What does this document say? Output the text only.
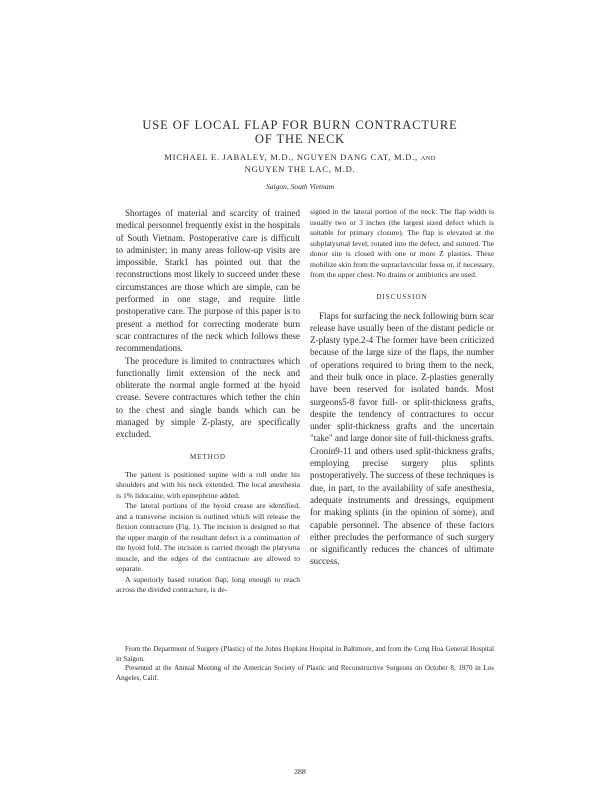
USE OF LOCAL FLAP FOR BURN CONTRACTURE
OF THE NECK
MICHAEL E. JABALEY, M.D., NGUYEN DANG CAT, M.D., AND
NGUYEN THE LAC, M.D.
Saigon, South Vietnam

Shortages of material and scarcity of trained medical personnel frequently exist in the hospitals of South Vietnam. Postoperative care is difficult to administer; in many areas follow-up visits are impossible. Stark1 has pointed out that the reconstructions most likely to succeed under these circumstances are those which are simple, can be performed in one stage, and require little postoperative care. The purpose of this paper is to present a method for correcting moderate burn scar contractures of the neck which follows these recommendations.

The procedure is limited to contractures which functionally limit extension of the neck and obliterate the normal angle formed at the hyoid crease. Severe contractures which tether the chin to the chest and single bands which can be managed by simple Z-plasty, are specifically excluded.

METHOD

The patient is positioned supine with a roll under his shoulders and with his neck extended. The local anesthesia is 1% lidocaine, with epinephrine added.

The lateral portions of the hyoid crease are identified, and a transverse incision is outlined which will release the flexion contracture (Fig. 1). The incision is designed so that the upper margin of the resultant defect is a continuation of the hyoid fold. The incision is carried through the platysma muscle, and the edges of the contracture are allowed to separate.

A superiorly based rotation flap, long enough to reach across the divided contracture, is de-

signed in the lateral portion of the neck. The flap width is usually two or 3 inches (the largest sized defect which is suitable for primary closure). The flap is elevated at the subplatysmal level, rotated into the defect, and sutured. The donor site is closed with one or more Z plasties. These mobilize skin from the supraclavicular fossa or, if necessary, from the upper chest. No drains or antibiotics are used.

DISCUSSION

Flaps for surfacing the neck following burn scar release have usually been of the distant pedicle or Z-plasty type.2-4 The former have been criticized because of the large size of the flaps, the number of operations required to bring them to the neck, and their bulk once in place. Z-plasties generally have been reserved for isolated bands. Most surgeons5-8 favor full- or split-thickness grafts, despite the tendency of contractures to occur under split-thickness grafts and the uncertain "take" and large donor site of full-thickness grafts. Cronin9-11 and others used split-thickness grafts, employing precise surgery plus splints postoperatively. The success of these techniques is due, in part, to the availability of safe anesthesia, adequate instruments and dressings, equipment for making splints (in the opinion of some), and capable personnel. The absence of these factors either precludes the performance of such surgery or significantly reduces the chances of ultimate success.

From the Department of Surgery (Plastic) of the Johns Hopkins Hospital in Baltimore, and from the Cong Hoa General Hospital in Saigon.

Presented at the Annual Meeting of the American Society of Plastic and Reconstructive Surgeons on October 8, 1970 in Los Angeles, Calif.

288
